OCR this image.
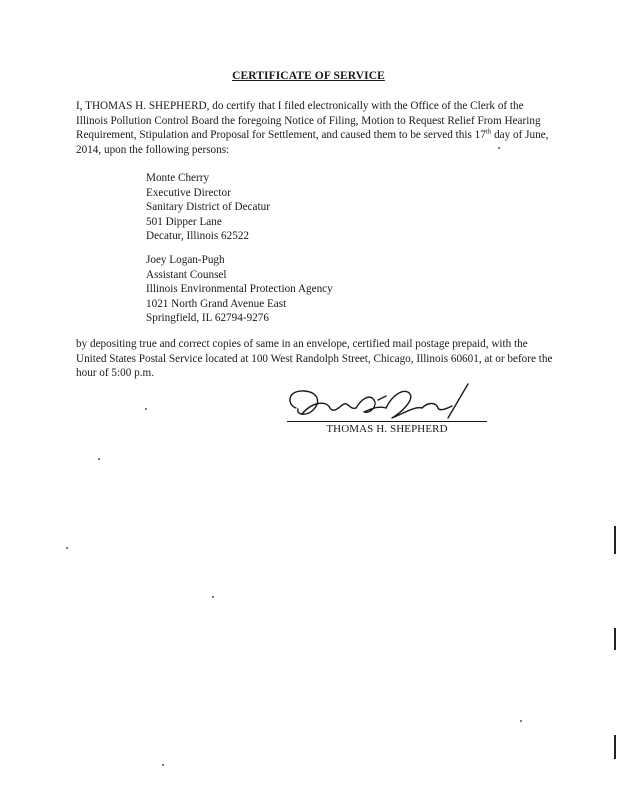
CERTIFICATE OF SERVICE
I, THOMAS H. SHEPHERD, do certify that I filed electronically with the Office of the Clerk of the Illinois Pollution Control Board the foregoing Notice of Filing, Motion to Request Relief From Hearing Requirement, Stipulation and Proposal for Settlement, and caused them to be served this 17th day of June, 2014, upon the following persons:
Monte Cherry
Executive Director
Sanitary District of Decatur
501 Dipper Lane
Decatur, Illinois 62522
Joey Logan-Pugh
Assistant Counsel
Illinois Environmental Protection Agency
1021 North Grand Avenue East
Springfield, IL 62794-9276
by depositing true and correct copies of same in an envelope, certified mail postage prepaid, with the United States Postal Service located at 100 West Randolph Street, Chicago, Illinois 60601, at or before the hour of 5:00 p.m.
THOMAS H. SHEPHERD
